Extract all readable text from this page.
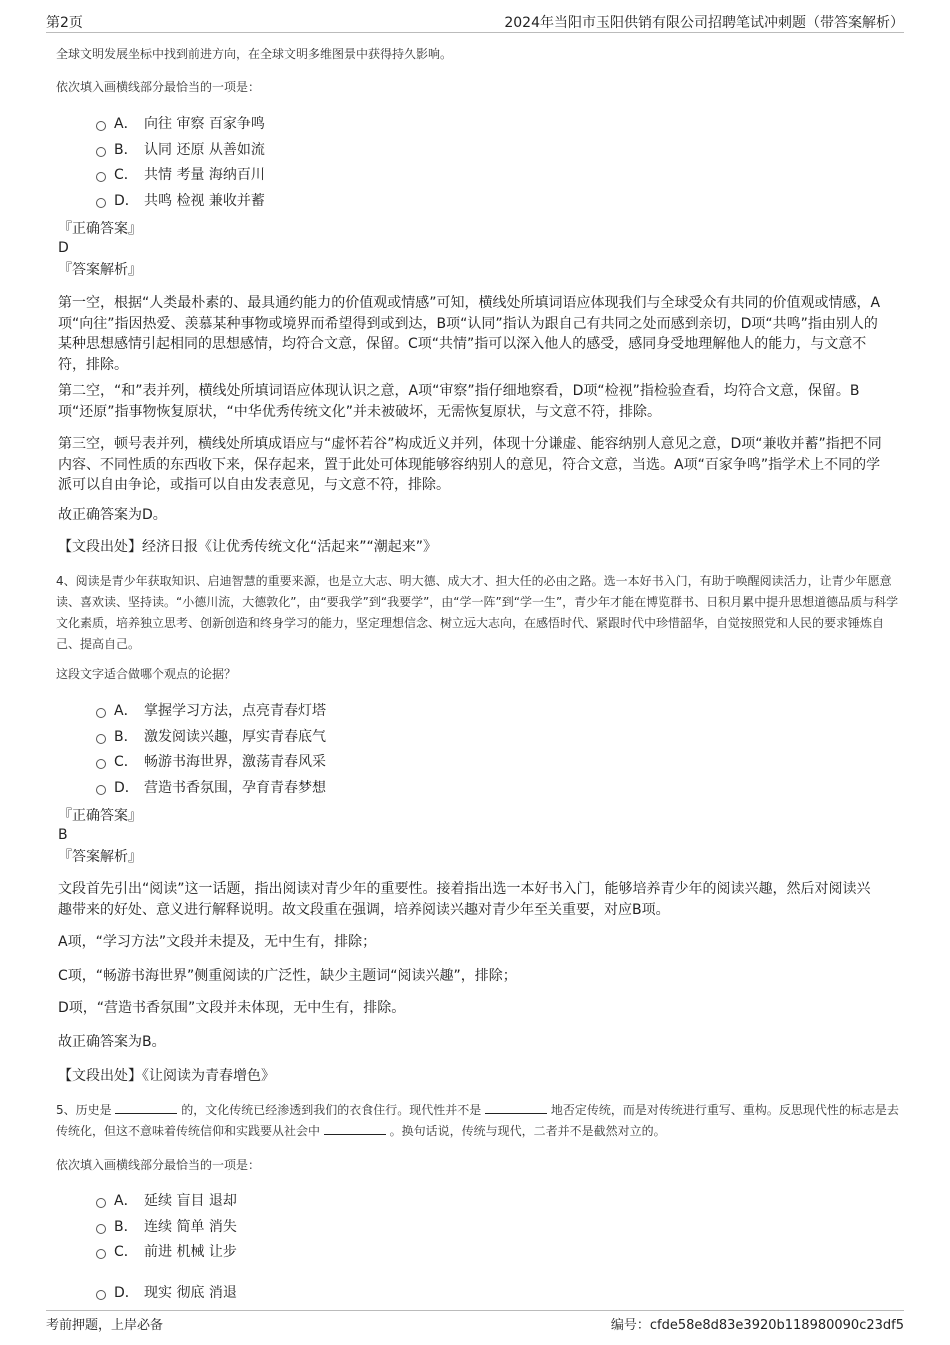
第2页	2024年当阳市玉阳供销有限公司招聘笔试冲刺题（带答案解析）

全球文明发展坐标中找到前进方向，在全球文明多维图景中获得持久影响。

依次填入画横线部分最恰当的一项是：

A． 向往 审察 百家争鸣
B． 认同 还原 从善如流
C． 共情 考量 海纳百川
D． 共鸣 检视 兼收并蓄
『正确答案』
D
『答案解析』

第一空，根据“人类最朴素的、最具通约能力的价值观或情感”可知，横线处所填词语应体现我们与全球受众有共同的价值观或情感，A项“向往”指因热爱、羡慕某种事物或境界而希望得到或到达，B项“认同”指认为跟自己有共同之处而感到亲切，D项“共鸣”指由别人的某种思想感情引起相同的思想感情，均符合文意，保留。C项“共情”指可以深入他人的感受，感同身受地理解他人的能力，与文意不符，排除。

第二空，“和”表并列，横线处所填词语应体现认识之意，A项“审察”指仔细地察看，D项“检视”指检验查看，均符合文意，保留。B项“还原”指事物恢复原状，“中华优秀传统文化”并未被破坏，无需恢复原状，与文意不符，排除。

第三空，顿号表并列，横线处所填成语应与“虚怀若谷”构成近义并列，体现十分谦虚、能容纳别人意见之意，D项“兼收并蓄”指把不同内容、不同性质的东西收下来，保存起来，置于此处可体现能够容纳别人的意见，符合文意，当选。A项“百家争鸣”指学术上不同的学派可以自由争论，或指可以自由发表意见，与文意不符，排除。

故正确答案为D。

【文段出处】经济日报《让优秀传统文化“活起来”“潮起来”》

4、阅读是青少年获取知识、启迪智慧的重要来源，也是立大志、明大德、成大才、担大任的必由之路。选一本好书入门，有助于唤醒阅读活力，让青少年愿意读、喜欢读、坚持读。“小德川流，大德敦化”，由“要我学”到“我要学”，由“学一阵”到“学一生”，青少年才能在博览群书、日积月累中提升思想道德品质与科学文化素质，培养独立思考、创新创造和终身学习的能力，坚定理想信念、树立远大志向，在感悟时代、紧跟时代中珍惜韶华，自觉按照党和人民的要求锤炼自己、提高自己。

这段文字适合做哪个观点的论据？

A． 掌握学习方法，点亮青春灯塔
B． 激发阅读兴趣，厚实青春底气
C． 畅游书海世界，激荡青春风采
D． 营造书香氛围，孕育青春梦想
『正确答案』
B
『答案解析』

文段首先引出“阅读”这一话题，指出阅读对青少年的重要性。接着指出选一本好书入门，能够培养青少年的阅读兴趣，然后对阅读兴趣带来的好处、意义进行解释说明。故文段重在强调，培养阅读兴趣对青少年至关重要，对应B项。

A项，“学习方法”文段并未提及，无中生有，排除；

C项，“畅游书海世界”侧重阅读的广泛性，缺少主题词“阅读兴趣”，排除；

D项，“营造书香氛围”文段并未体现，无中生有，排除。

故正确答案为B。

【文段出处】《让阅读为青春增色》

5、历史是	的，文化传统已经渗透到我们的衣食住行。现代性并不是	地否定传统，而是对传统进行重写、重构。反思现代性的标志是去传统化，但这不意味着传统信仰和实践要从社会中	。换句话说，传统与现代，二者并不是截然对立的。

依次填入画横线部分最恰当的一项是：

A． 延续 盲目 退却
B． 连续 简单 消失
C． 前进 机械 让步
D． 现实 彻底 消退
考前押题，上岸必备	编号：cfde58e8d83e3920b118980090c23df5
